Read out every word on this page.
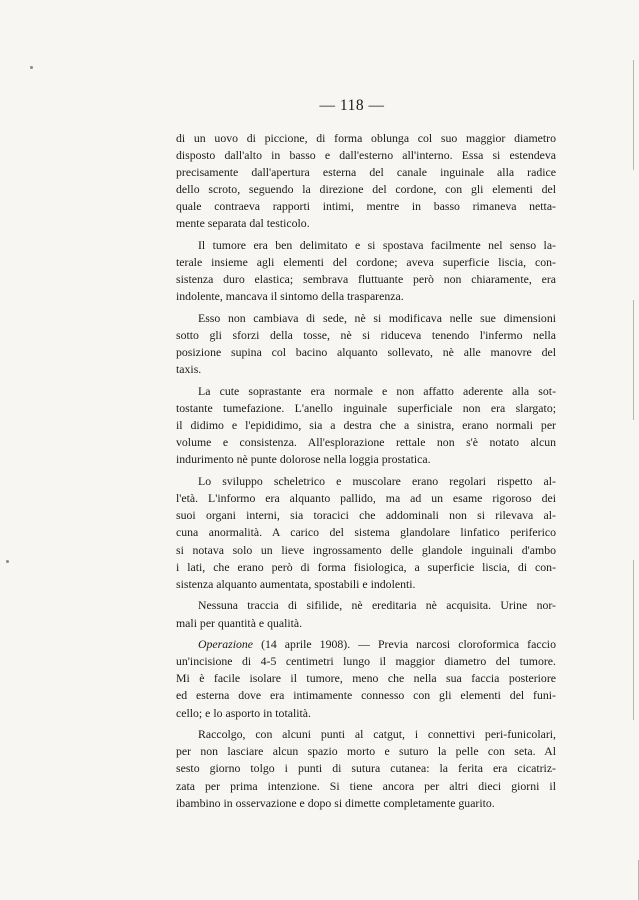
— 118 —

di un uovo di piccione, di forma oblunga col suo maggior diametro
disposto dall'alto in basso e dall'esterno all'interno. Essa si estendeva
precisamente dall'apertura esterna del canale inguinale alla radice
dello scroto, seguendo la direzione del cordone, con gli elementi del
quale contraeva rapporti intimi, mentre in basso rimaneva netta-
mente separata dal testicolo.

Il tumore era ben delimitato e si spostava facilmente nel senso la-
terale insieme agli elementi del cordone; aveva superficie liscia, con-
sistenza duro elastica; sembrava fluttuante però non chiaramente, era
indolente, mancava il sintomo della trasparenza.

Esso non cambiava di sede, nè si modificava nelle sue dimensioni
sotto gli sforzi della tosse, nè si riduceva tenendo l'infermo nella
posizione supina col bacino alquanto sollevato, nè alle manovre del
taxis.

La cute soprastante era normale e non affatto aderente alla sot-
tostante tumefazione. L'anello inguinale superficiale non era slargato;
il didimo e l'epididimo, sia a destra che a sinistra, erano normali per
volume e consistenza. All'esplorazione rettale non s'è notato alcun
indurimento nè punte dolorose nella loggia prostatica.

Lo sviluppo scheletrico e muscolare erano regolari rispetto al-
l'età. L'informo era alquanto pallido, ma ad un esame rigoroso dei
suoi organi interni, sia toracici che addominali non si rilevava al-
cuna anormalità. A carico del sistema glandolare linfatico periferico
si notava solo un lieve ingrossamento delle glandole inguinali d'ambo
i lati, che erano però di forma fisiologica, a superficie liscia, di con-
sistenza alquanto aumentata, spostabili e indolenti.

Nessuna traccia di sifilide, nè ereditaria nè acquisita. Urine nor-
mali per quantità e qualità.

Operazione (14 aprile 1908). — Previa narcosi cloroformica faccio
un'incisione di 4-5 centimetri lungo il maggior diametro del tumore.
Mi è facile isolare il tumore, meno che nella sua faccia posteriore
ed esterna dove era intimamente connesso con gli elementi del funi-
cello; e lo asporto in totalità.

Raccolgo, con alcuni punti al catgut, i connettivi peri-funicolari,
per non lasciare alcun spazio morto e suturo la pelle con seta. Al
sesto giorno tolgo i punti di sutura cutanea: la ferita era cicatriz-
zata per prima intenzione. Si tiene ancora per altri dieci giorni il
ibambino in osservazione e dopo si dimette completamente guarito.
